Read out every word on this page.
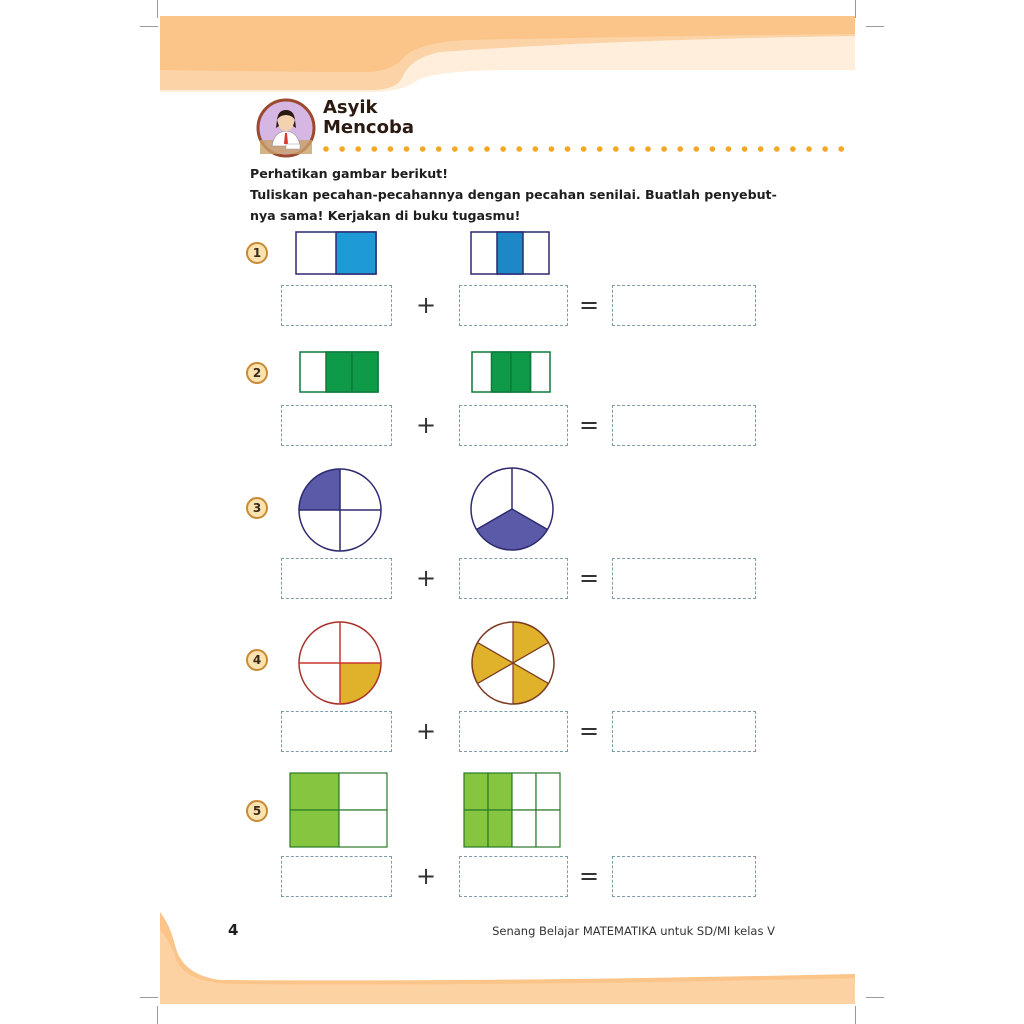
Asyik
Mencoba
Perhatikan gambar berikut!
Tuliskan pecahan-pecahannya dengan pecahan senilai. Buatlah penyebut-
nya sama! Kerjakan di buku tugasmu!
1
+	=
2
+	=
3
+	=
4
+	=
5
+	=
4	Senang Belajar MATEMATIKA untuk SD/MI kelas V
